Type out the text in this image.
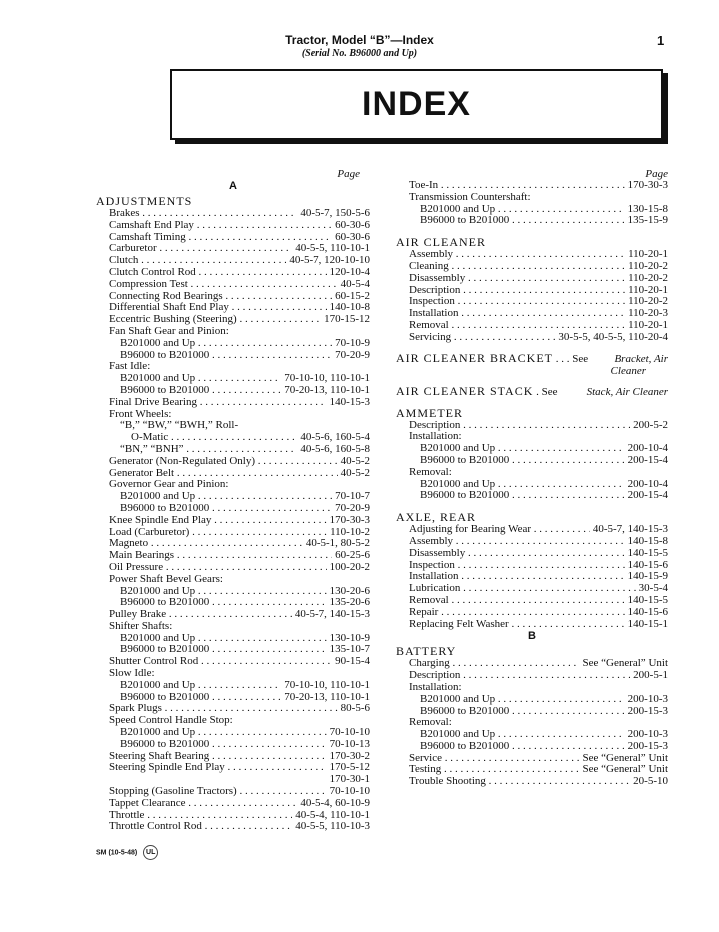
Tractor, Model “B”—Index
(Serial No. B96000 and Up)
1
INDEX
Page
A
ADJUSTMENTS
Brakes . . .	40-5-7, 150-5-6
Camshaft End Play . . .	60-30-6
Camshaft Timing . . .	60-30-6
Carburetor . . .	40-5-5, 110-10-1
Clutch . . .	40-5-7, 120-10-10
Clutch Control Rod . . .	120-10-4
Compression Test . . .	40-5-4
Connecting Rod Bearings . . .	60-15-2
Differential Shaft End Play . . .	140-10-8
Eccentric Bushing (Steering) . . .	170-15-12
Fan Shaft Gear and Pinion:
B201000 and Up . . .	70-10-9
B96000 to B201000 . . .	70-20-9
Fast Idle:
B201000 and Up . . .	70-10-10, 110-10-1
B96000 to B201000 . . .	70-20-13, 110-10-1
Final Drive Bearing . . .	140-15-3
Front Wheels:
“B,” “BW,” “BWH,” Roll-
O-Matic . . .	40-5-6, 160-5-4
“BN,” “BNH” . . .	40-5-6, 160-5-8
Generator (Non-Regulated Only) . . .	40-5-2
Generator Belt . . .	40-5-2
Governor Gear and Pinion:
B201000 and Up . . .	70-10-7
B96000 to B201000 . . .	70-20-9
Knee Spindle End Play . . .	170-30-3
Load (Carburetor) . . .	110-10-2
Magneto . . .	40-5-1, 80-5-2
Main Bearings . . .	60-25-6
Oil Pressure . . .	100-20-2
Power Shaft Bevel Gears:
B201000 and Up . . .	130-20-6
B96000 to B201000 . . .	135-20-6
Pulley Brake . . .	40-5-7, 140-15-3
Shifter Shafts:
B201000 and Up . . .	130-10-9
B96000 to B201000 . . .	135-10-7
Shutter Control Rod . . .	90-15-4
Slow Idle:
B201000 and Up . . .	70-10-10, 110-10-1
B96000 to B201000 . . .	70-20-13, 110-10-1
Spark Plugs . . .	80-5-6
Speed Control Handle Stop:
B201000 and Up . . .	70-10-10
B96000 to B201000 . . .	70-10-13
Steering Shaft Bearing . . .	170-30-2
Steering Spindle End Play . . .	170-5-12
170-30-1
Stopping (Gasoline Tractors) . . .	70-10-10
Tappet Clearance . . .	40-5-4, 60-10-9
Throttle . . .	40-5-4, 110-10-1
Throttle Control Rod . . .	40-5-5, 110-10-3
Page
Toe-In . . .	170-30-3
Transmission Countershaft:
B201000 and Up . . .	130-15-8
B96000 to B201000 . . .	135-15-9
AIR CLEANER
Assembly . . .	110-20-1
Cleaning . . .	110-20-2
Disassembly . . .	110-20-2
Description . . .	110-20-1
Inspection . . .	110-20-2
Installation . . .	110-20-3
Removal . . .	110-20-1
Servicing . . .	30-5-5, 40-5-5, 110-20-4
AIR CLEANER BRACKET . . . See
	Bracket, Air
Cleaner
AIR CLEANER STACK . See
	Stack, Air Cleaner
AMMETER
Description . . .	200-5-2
Installation:
B201000 and Up . . .	200-10-4
B96000 to B201000 . . .	200-15-4
Removal:
B201000 and Up . . .	200-10-4
B96000 to B201000 . . .	200-15-4
AXLE, REAR
Adjusting for Bearing Wear . . .	40-5-7, 140-15-3
Assembly . . .	140-15-8
Disassembly . . .	140-15-5
Inspection . . .	140-15-6
Installation . . .	140-15-9
Lubrication . . .	30-5-4
Removal . . .	140-15-5
Repair . . .	140-15-6
Replacing Felt Washer . . .	140-15-1
B
BATTERY
Charging . . .	See “General” Unit
Description . . .	200-5-1
Installation:
B201000 and Up . . .	200-10-3
B96000 to B201000 . . .	200-15-3
Removal:
B201000 and Up . . .	200-10-3
B96000 to B201000 . . .	200-15-3
Service . . .	See “General” Unit
Testing . . .	See “General” Unit
Trouble Shooting . . .	20-5-10
SM (10-5-48) UL
